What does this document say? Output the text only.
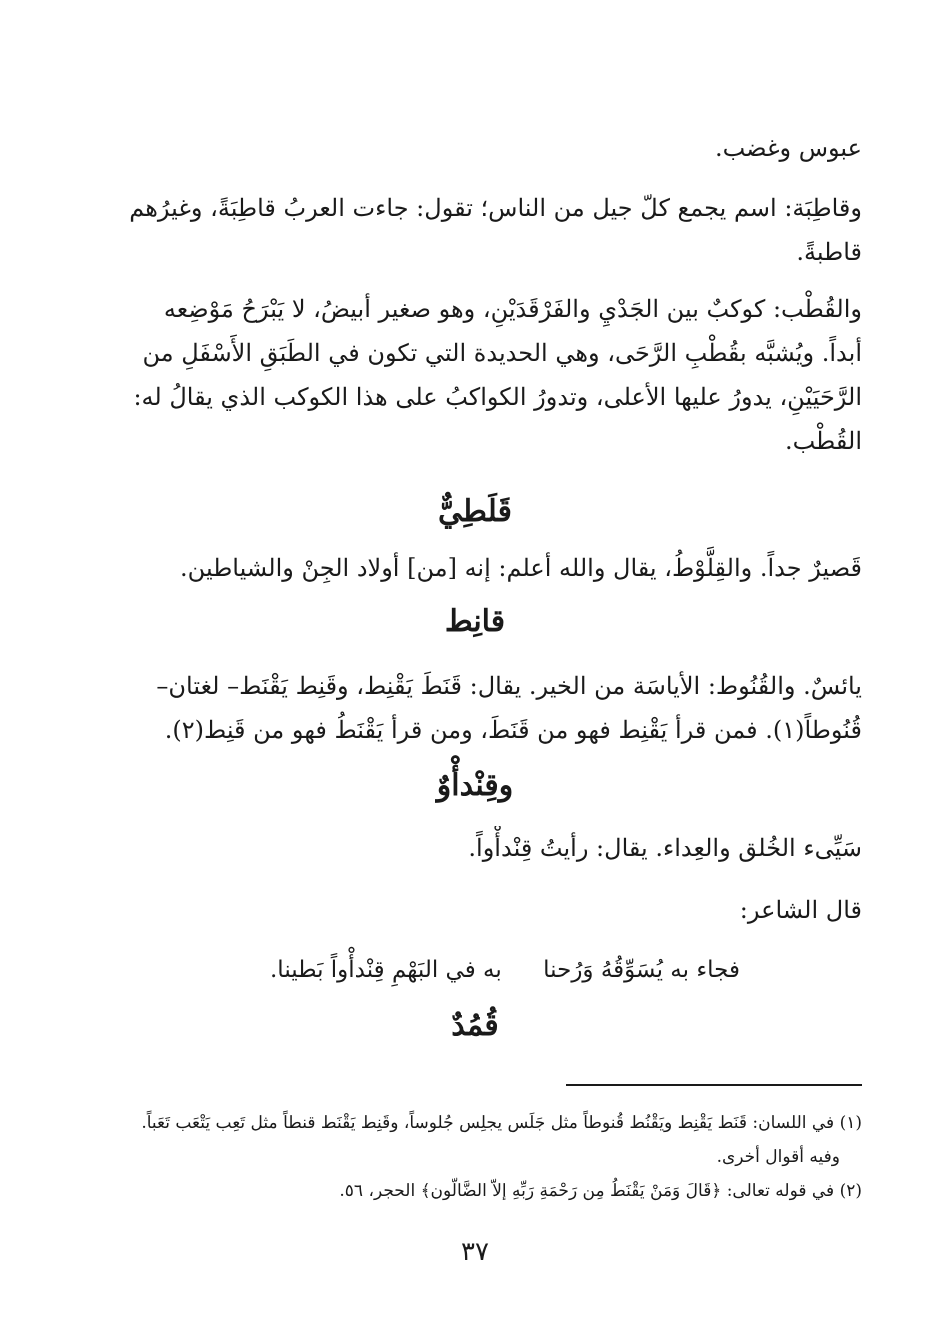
عبوس وغضب.

وقاطِبَة: اسم يجمع كلّ جيل من الناس؛ تقول: جاءت العربُ قاطِبَةً، وغيرُهم
قاطبةً.

والقُطْب: كوكبٌ بين الجَدْيِ والفَرْقَدَيْنِ، وهو صغير أبيضُ، لا يَبْرَحُ مَوْضِعه
أبداً. ويُشبَّه بقُطْبِ الرَّحَى، وهي الحديدة التي تكون في الطَبَقِ الأَسْفَلِ من
الرَّحَيَيْنِ، يدورُ عليها الأعلى، وتدورُ الكواكبُ على هذا الكوكب الذي يقالُ له:
القُطْب.

قَلَطِيٌّ

قَصيرٌ جداً. والقِلَّوْطُ، يقال والله أعلم: إنه [من] أولاد الجِنْ والشياطين.

قانِط

يائسٌ. والقُنُوط: الأياسَة من الخير. يقال: قَنَطَ يَقْنِط، وقَنِط يَقْنَط– لغتان–
قُنُوطاً(١). فمن قرأ يَقْنِط فهو من قَنَطَ، ومن قرأ يَقْنَطُ فهو من قَنِط(٢).

وقِنْدأْوٌ

سَيِّىء الخُلق والعِداء. يقال: رأيتُ قِنْدأْواً.

قال الشاعر:

فجاء به يُسَوِّقُهُ وَرُحنا
به في البَهْمِ قِنْدأْواً بَطينا.
قُمُدٌ

(١) في اللسان: قَنَط يَقْنِط ويَقْنُط قُنوطاً مثل جَلَس يجلِس جُلوساً، وقَنِط يَقْنَط قنطاً مثل تَعِب يَتْعَب تَعَباً.

وفيه أقوال أخرى.

(٢) في قوله تعالى: ﴿قَالَ وَمَنْ يَقْنَطُ مِن رَحْمَةِ رَبِّهِ إلاّ الضَّالّون﴾ الحجر، ٥٦.

٣٧
